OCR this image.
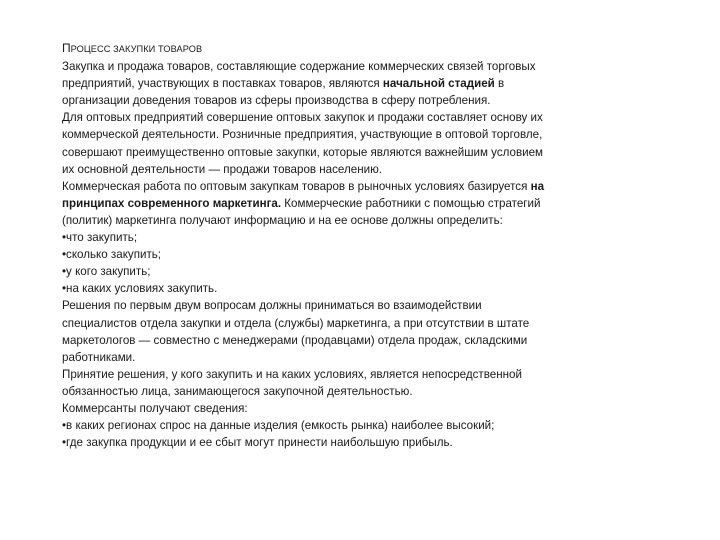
ПРОЦЕСС ЗАКУПКИ ТОВАРОВ
Закупка и продажа товаров, составляющие содержание коммерческих связей торговых
предприятий, участвующих в поставках товаров, являются начальной стадией в
организации доведения товаров из сферы производства в сферу потребления.
Для оптовых предприятий совершение оптовых закупок и продажи составляет основу их
коммерческой деятельности. Розничные предприятия, участвующие в оптовой торговле,
совершают преимущественно оптовые закупки, которые являются важнейшим условием
их основной деятельности — продажи товаров населению.
Коммерческая работа по оптовым закупкам товаров в рыночных условиях базируется на
принципах современного маркетинга. Коммерческие работники с помощью стратегий
(политик) маркетинга получают информацию и на ее основе должны определить:
•что закупить;
•сколько закупить;
•у кого закупить;
•на каких условиях закупить.
Решения по первым двум вопросам должны приниматься во взаимодействии
специалистов отдела закупки и отдела (службы) маркетинга, а при отсутствии в штате
маркетологов — совместно с менеджерами (продавцами) отдела продаж, складскими
работниками.
Принятие решения, у кого закупить и на каких условиях, является непосредственной
обязанностью лица, занимающегося закупочной деятельностью.
Коммерсанты получают сведения:
•в каких регионах спрос на данные изделия (емкость рынка) наиболее высокий;
•где закупка продукции и ее сбыт могут принести наибольшую прибыль.
